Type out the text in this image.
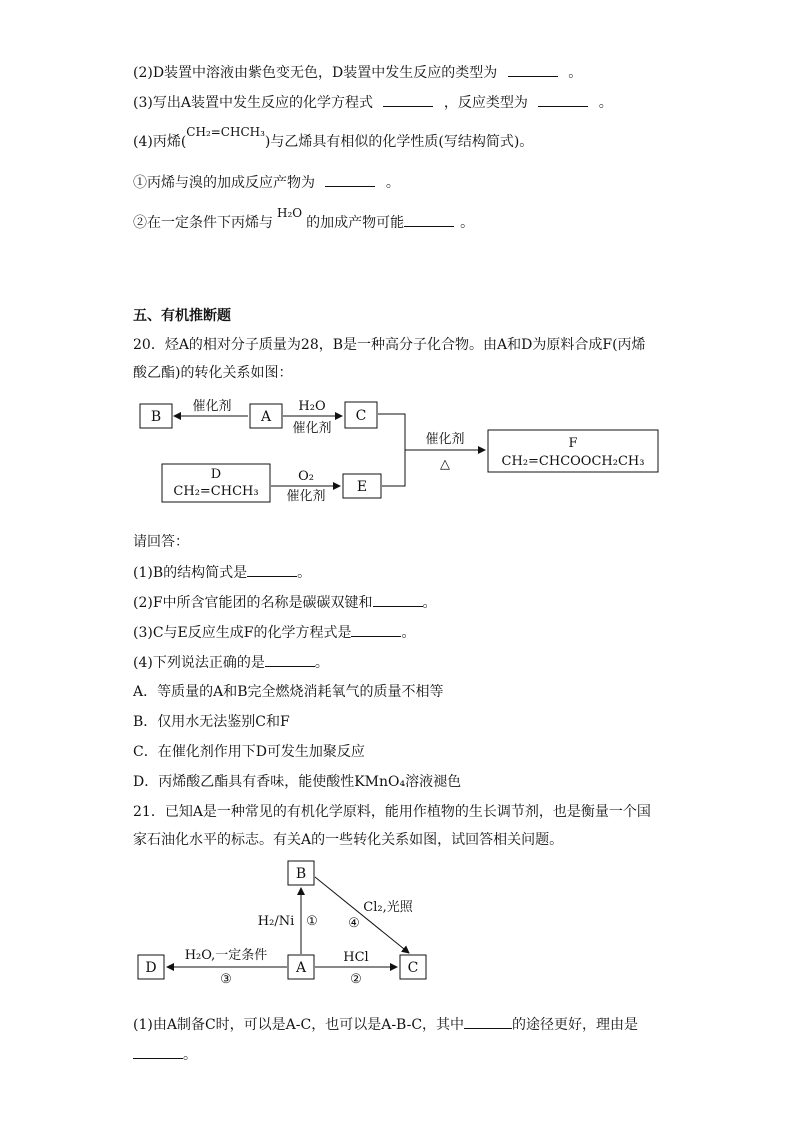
(2)D装置中溶液由紫色变无色，D装置中发生反应的类型为	。
(3)写出A装置中发生反应的化学方程式	，反应类型为	。
(4)丙烯(CH₂=CHCH₃)与乙烯具有相似的化学性质(写结构简式)。
①丙烯与溴的加成反应产物为	。
②在一定条件下丙烯与H₂O的加成产物可能	。
五、有机推断题
20．烃A的相对分子质量为28，B是一种高分子化合物。由A和D为原料合成F(丙烯
酸乙酯)的转化关系如图：
B
催化剂
A
H₂O
催化剂
C
催化剂
△
F
CH₂=CHCOOCH₂CH₃
D
CH₂=CHCH₃
O₂
催化剂
E
请回答：
(1)B的结构简式是	。
(2)F中所含官能团的名称是碳碳双键和	。
(3)C与E反应生成F的化学方程式是	。
(4)下列说法正确的是	。
A．等质量的A和B完全燃烧消耗氧气的质量不相等
B．仅用水无法鉴别C和F
C．在催化剂作用下D可发生加聚反应
D．丙烯酸乙酯具有香味，能使酸性KMnO₄溶液褪色
21．已知A是一种常见的有机化学原料，能用作植物的生长调节剂，也是衡量一个国
家石油化水平的标志。有关A的一些转化关系如图，试回答相关问题。
B
A	C
D
H₂/Ni ①
Cl₂,光照
④
HCl
②
H₂O,一定条件
③
(1)由A制备C时，可以是A-C，也可以是A-B-C，其中	的途径更好，理由是
。
